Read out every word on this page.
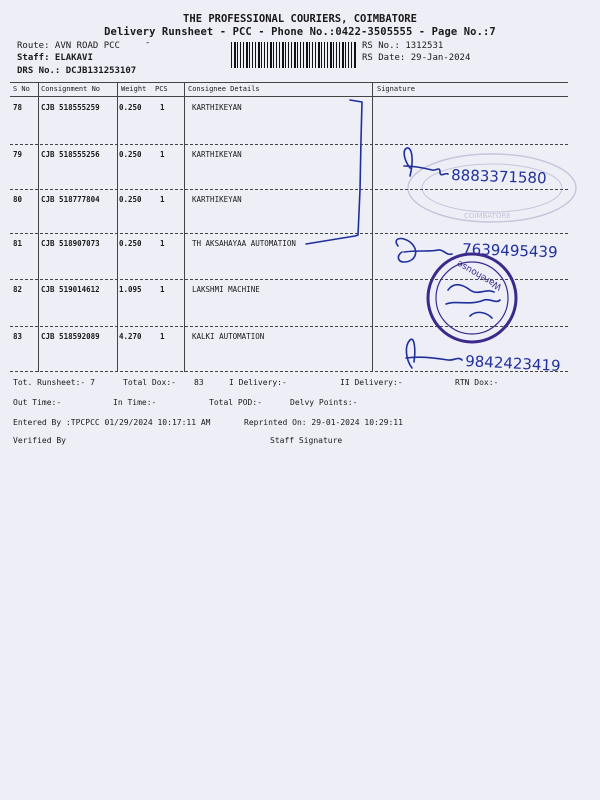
THE PROFESSIONAL COURIERS, COIMBATORE
Delivery Runsheet - PCC - Phone No.:0422-3505555 - Page No.:7
Route: AVN ROAD PCC	-
Staff: ELAKAVI
DRS No.: DCJB131253107
RS No.: 1312531
RS Date: 29-Jan-2024
S No Consignment No	Weight PCS	Consignee Details	Signature
78	CJB 518555259	0.250 1	KARTHIKEYAN
79	CJB 518555256	0.250 1	KARTHIKEYAN
80	CJB 518777804	0.250 1	KARTHIKEYAN
81	CJB 518907073	0.250 1	TH AKSAHAYAA AUTOMATION
82	CJB 519014612	1.095 1	LAKSHMI MACHINE
83	CJB 518592089	4.270 1	KALKI AUTOMATION
COIMBATORE
8883371580
7639495439
Warehouse
9842423419
Tot. Runsheet:- 7	Total Dox:- 83	I Delivery:-	II Delivery:-	RTN Dox:-
Out Time:-	In Time:-	Total POD:-	Delvy Points:-
Entered By :TPCPCC 01/29/2024 10:17:11 AM	Reprinted On: 29-01-2024 10:29:11
Verified By	Staff Signature
